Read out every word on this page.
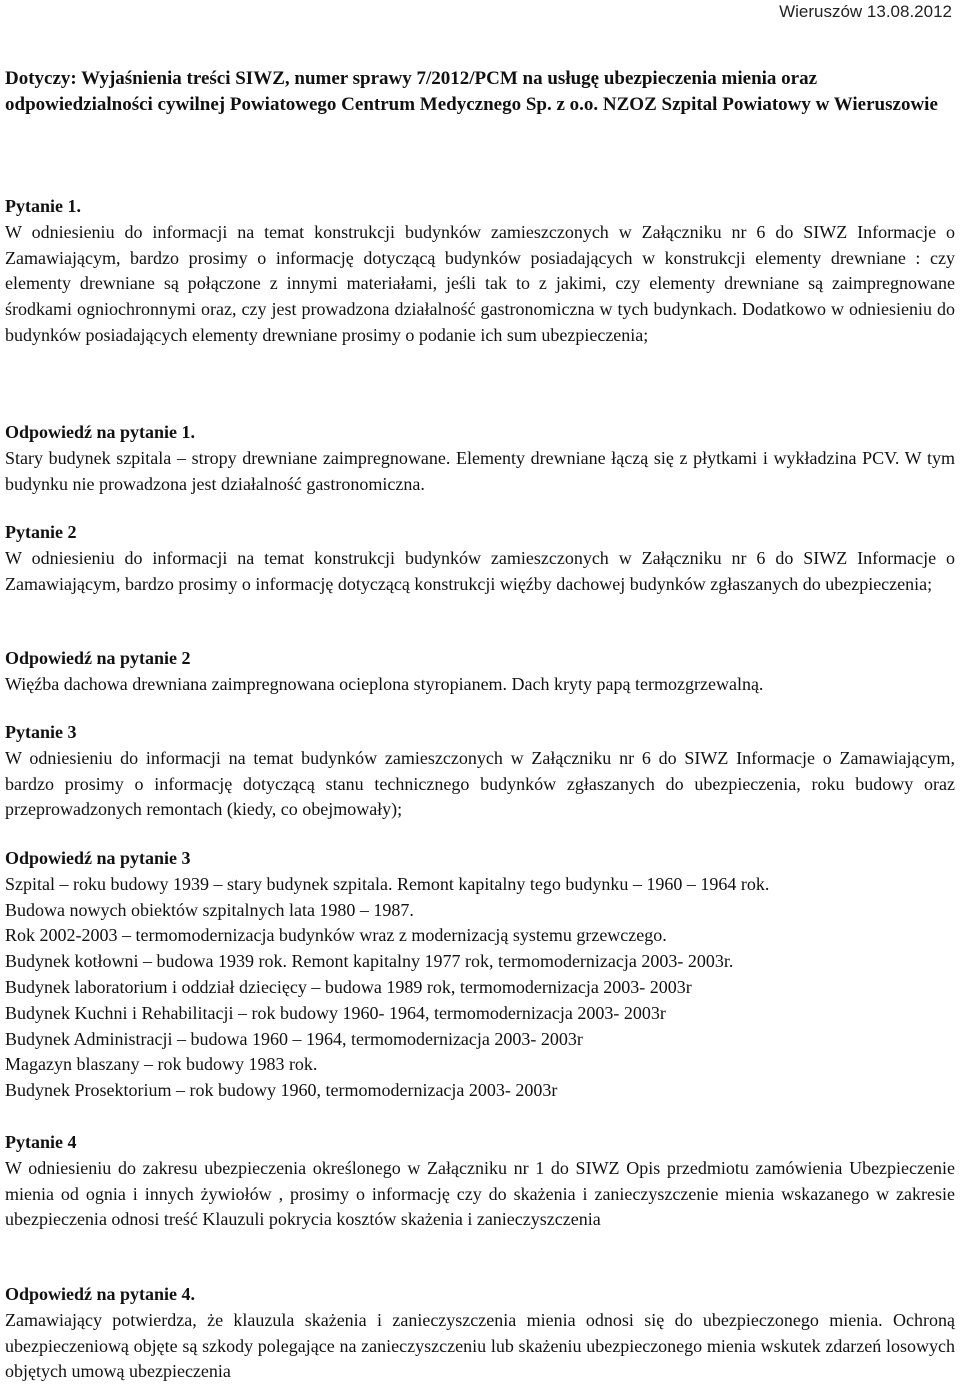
Wieruszów 13.08.2012
Dotyczy: Wyjaśnienia treści SIWZ, numer sprawy 7/2012/PCM na usługę ubezpieczenia mienia oraz odpowiedzialności cywilnej Powiatowego Centrum Medycznego Sp. z o.o. NZOZ Szpital Powiatowy w Wieruszowie
Pytanie 1.
W odniesieniu do informacji na temat konstrukcji budynków zamieszczonych w Załączniku nr 6 do SIWZ Informacje o Zamawiającym, bardzo prosimy o informację dotyczącą budynków posiadających w konstrukcji elementy drewniane : czy elementy drewniane są połączone z innymi materiałami, jeśli tak to z jakimi, czy elementy drewniane są zaimpregnowane środkami ogniochronnymi oraz, czy jest prowadzona działalność gastronomiczna w tych budynkach. Dodatkowo w odniesieniu do budynków posiadających elementy drewniane prosimy o podanie ich sum ubezpieczenia;
Odpowiedź na pytanie 1.
Stary budynek szpitala – stropy drewniane zaimpregnowane. Elementy drewniane łączą się z płytkami i wykładzina PCV. W tym budynku nie prowadzona jest działalność gastronomiczna.
Pytanie 2
W odniesieniu do informacji na temat konstrukcji budynków zamieszczonych w Załączniku nr 6 do SIWZ Informacje o Zamawiającym, bardzo prosimy o informację dotyczącą konstrukcji więźby dachowej budynków zgłaszanych do ubezpieczenia;
Odpowiedź na pytanie 2
Więźba dachowa drewniana zaimpregnowana ocieplona styropianem. Dach kryty papą termozgrzewalną.
Pytanie 3
W odniesieniu do informacji na temat budynków zamieszczonych w Załączniku nr 6 do SIWZ Informacje o Zamawiającym, bardzo prosimy o informację dotyczącą stanu technicznego budynków zgłaszanych do ubezpieczenia, roku budowy oraz przeprowadzonych remontach (kiedy, co obejmowały);
Odpowiedź na pytanie 3
Szpital – roku budowy 1939 – stary budynek szpitala. Remont kapitalny tego budynku – 1960 – 1964 rok.
Budowa nowych obiektów szpitalnych lata 1980 – 1987.
Rok 2002-2003 – termomodernizacja budynków wraz z modernizacją systemu grzewczego.
Budynek kotłowni – budowa 1939 rok. Remont kapitalny 1977 rok, termomodernizacja 2003- 2003r.
Budynek laboratorium i oddział dziecięcy – budowa 1989 rok, termomodernizacja 2003- 2003r
Budynek Kuchni i Rehabilitacji – rok budowy 1960- 1964, termomodernizacja 2003- 2003r
Budynek Administracji – budowa 1960 – 1964, termomodernizacja 2003- 2003r
Magazyn blaszany – rok budowy 1983 rok.
Budynek Prosektorium – rok budowy 1960, termomodernizacja 2003- 2003r
Pytanie 4
W odniesieniu do zakresu ubezpieczenia określonego w Załączniku nr 1 do SIWZ Opis przedmiotu zamówienia Ubezpieczenie mienia od ognia i innych żywiołów , prosimy o informację czy do skażenia i zanieczyszczenie mienia wskazanego w zakresie ubezpieczenia odnosi treść Klauzuli pokrycia kosztów skażenia i zanieczyszczenia
Odpowiedź na pytanie 4.
Zamawiający potwierdza, że klauzula skażenia i zanieczyszczenia mienia odnosi się do ubezpieczonego mienia. Ochroną ubezpieczeniową objęte są szkody polegające na zanieczyszczeniu lub skażeniu ubezpieczonego mienia wskutek zdarzeń losowych objętych umową ubezpieczenia
